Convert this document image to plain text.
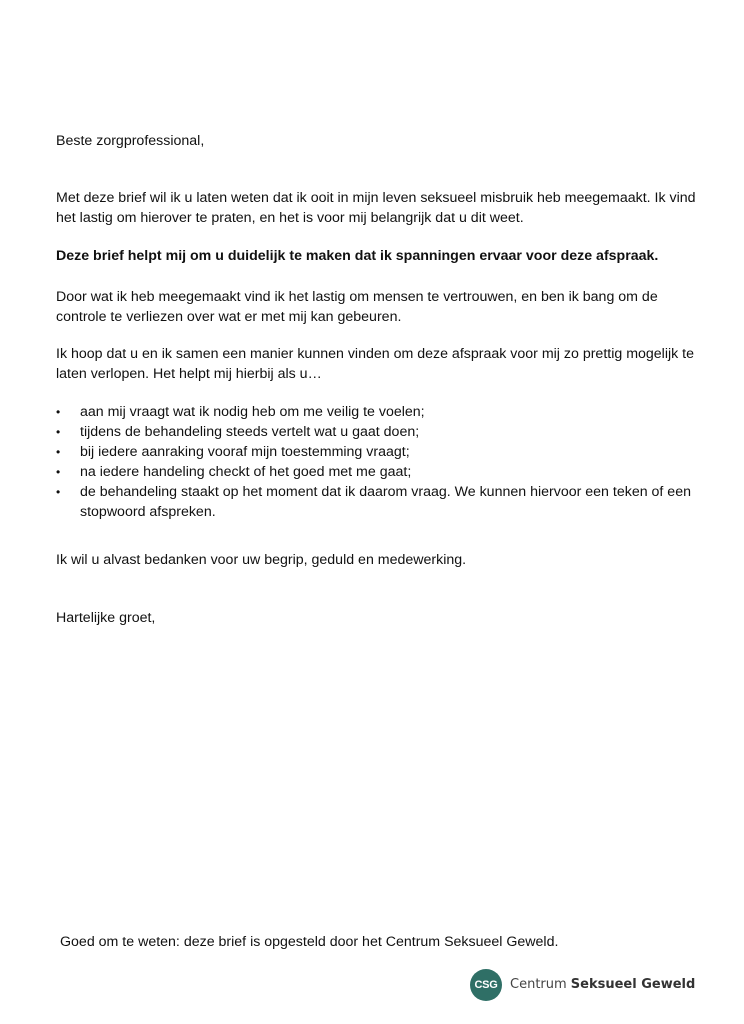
Beste zorgprofessional,

Met deze brief wil ik u laten weten dat ik ooit in mijn leven seksueel misbruik heb meegemaakt. Ik vind het lastig om hierover te praten, en het is voor mij belangrijk dat u dit weet.

Deze brief helpt mij om u duidelijk te maken dat ik spanningen ervaar voor deze afspraak.

Door wat ik heb meegemaakt vind ik het lastig om mensen te vertrouwen, en ben ik bang om de controle te verliezen over wat er met mij kan gebeuren.

Ik hoop dat u en ik samen een manier kunnen vinden om deze afspraak voor mij zo prettig mogelijk te laten verlopen. Het helpt mij hierbij als u…

•	aan mij vraagt wat ik nodig heb om me veilig te voelen;
•	tijdens de behandeling steeds vertelt wat u gaat doen;
•	bij iedere aanraking vooraf mijn toestemming vraagt;
•	na iedere handeling checkt of het goed met me gaat;
•	de behandeling staakt op het moment dat ik daarom vraag. We kunnen hiervoor een teken of een stopwoord afspreken.

Ik wil u alvast bedanken voor uw begrip, geduld en medewerking.

Hartelijke groet,

Goed om te weten: deze brief is opgesteld door het Centrum Seksueel Geweld.

CSG Centrum Seksueel Geweld
